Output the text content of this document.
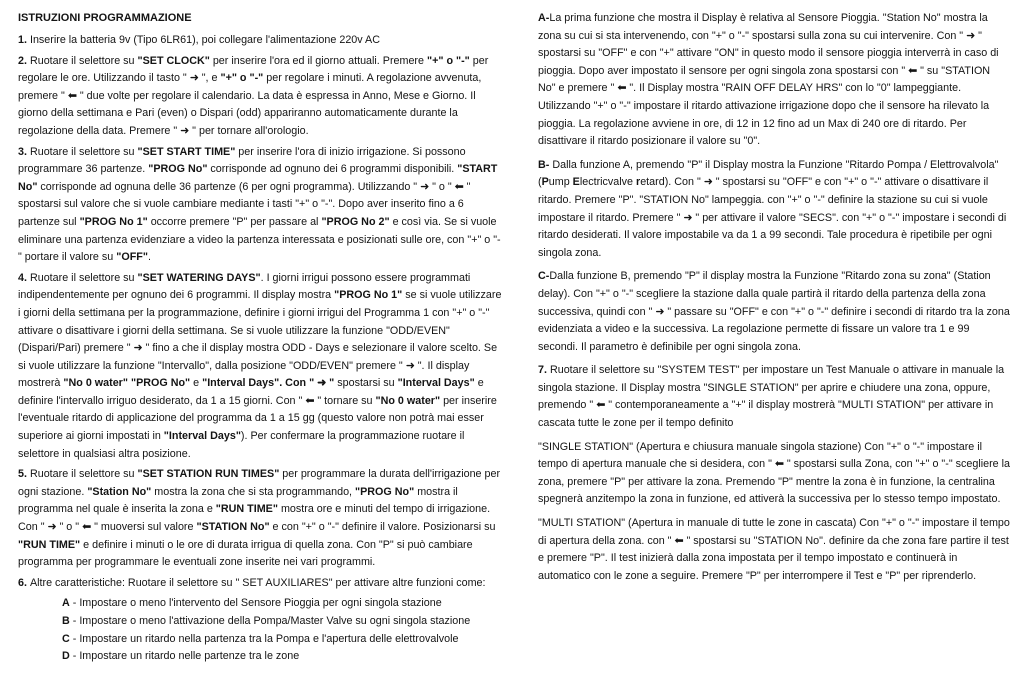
ISTRUZIONI PROGRAMMAZIONE

1. Inserire la batteria 9v (Tipo 6LR61), poi collegare l'alimentazione 220v AC

2. Ruotare il selettore su "SET CLOCK" per inserire l'ora ed il giorno attuali. Premere "+" o "-" per regolare le ore. Utilizzando il tasto " ➜ ", e "+" o "-" per regolare i minuti. A regolazione avvenuta, premere " ⬅ " due volte per regolare il calendario. La data è espressa in Anno, Mese e Giorno. Il giorno della settimana e Pari (even) o Dispari (odd) appariranno automaticamente durante la regolazione della data. Premere " ➜ " per tornare all'orologio.

3. Ruotare il selettore su "SET START TIME" per inserire l'ora di inizio irrigazione. Si possono programmare 36 partenze. "PROG No" corrisponde ad ognuno dei 6 programmi disponibili. "START No" corrisponde ad ognuna delle 36 partenze (6 per ogni programma). Utilizzando " ➜ " o " ⬅ " spostarsi sul valore che si vuole cambiare mediante i tasti "+" o "-". Dopo aver inserito fino a 6 partenze sul "PROG No 1" occorre premere "P" per passare al "PROG No 2" e così via. Se si vuole eliminare una partenza evidenziare a video la partenza interessata e posizionati sulle ore, con "+" o "-" portare il valore su "OFF".

4. Ruotare il selettore su "SET WATERING DAYS". I giorni irrigui possono essere programmati indipendentemente per ognuno dei 6 programmi. Il display mostra "PROG No 1" se si vuole utilizzare i giorni della settimana per la programmazione, definire i giorni irrigui del Programma 1 con "+" o "-" attivare o disattivare i giorni della settimana. Se si vuole utilizzare la funzione "ODD/EVEN" (Dispari/Pari) premere " ➜ " fino a che il display mostra ODD - Days e selezionare il valore scelto. Se si vuole utilizzare la funzione "Intervallo", dalla posizione "ODD/EVEN" premere " ➜ ". Il display mostrerà "No 0 water" "PROG No" e "Interval Days". Con " ➜ " spostarsi su "Interval Days" e definire l'intervallo irriguo desiderato, da 1 a 15 giorni. Con " ⬅ " tornare su "No 0 water" per inserire l'eventuale ritardo di applicazione del programma da 1 a 15 gg (questo valore non potrà mai esser superiore ai giorni impostati in "Interval Days"). Per confermare la programmazione ruotare il selettore in qualsiasi altra posizione.

5. Ruotare il selettore su "SET STATION RUN TIMES" per programmare la durata dell'irrigazione per ogni stazione. "Station No" mostra la zona che si sta programmando, "PROG No" mostra il programma nel quale è inserita la zona e "RUN TIME" mostra ore e minuti del tempo di irrigazione. Con " ➜ " o " ⬅ " muoversi sul valore "STATION No" e con "+" o "-" definire il valore. Posizionarsi su "RUN TIME" e definire i minuti o le ore di durata irrigua di quella zona. Con "P" si può cambiare programma per programmare le eventuali zone inserite nei vari programmi.

6. Altre caratteristiche: Ruotare il selettore su " SET AUXILIARES" per attivare altre funzioni come:

A - Impostare o meno l'intervento del Sensore Pioggia per ogni singola stazione
B - Impostare o meno l'attivazione della Pompa/Master Valve su ogni singola stazione
C - Impostare un ritardo nella partenza tra la Pompa e l'apertura delle elettrovalvole
D - Impostare un ritardo nelle partenze tra le zone

A-La prima funzione che mostra il Display è relativa al Sensore Pioggia. "Station No" mostra la zona su cui si sta intervenendo, con "+" o "-" spostarsi sulla zona su cui intervenire. Con " ➜ " spostarsi su "OFF" e con "+" attivare "ON" in questo modo il sensore pioggia interverrà in caso di pioggia. Dopo aver impostato il sensore per ogni singola zona spostarsi con " ⬅ " su "STATION No" e premere " ⬅ ". Il Display mostra "RAIN OFF DELAY HRS" con lo "0" lampeggiante. Utilizzando "+" o "-" impostare il ritardo attivazione irrigazione dopo che il sensore ha rilevato la pioggia. La regolazione avviene in ore, di 12 in 12 fino ad un Max di 240 ore di ritardo. Per disattivare il ritardo posizionare il valore su "0".

B- Dalla funzione A, premendo "P" il Display mostra la Funzione "Ritardo Pompa / Elettrovalvola" (Pump Electricvalve retard). Con " ➜ " spostarsi su "OFF" e con "+" o "-" attivare o disattivare il ritardo. Premere "P". "STATION No" lampeggia. con "+" o "-" definire la stazione su cui si vuole impostare il ritardo. Premere " ➜ " per attivare il valore "SECS". con "+" o "-" impostare i secondi di ritardo desiderati. Il valore impostabile va da 1 a 99 secondi. Tale procedura è ripetibile per ogni singola zona.

C-Dalla funzione B, premendo "P" il display mostra la Funzione "Ritardo zona su zona" (Station delay). Con "+" o "-" scegliere la stazione dalla quale partirà il ritardo della partenza della zona successiva, quindi con " ➜ " passare su "OFF" e con "+" o "-" definire i secondi di ritardo tra la zona evidenziata a video e la successiva. La regolazione permette di fissare un valore tra 1 e 99 secondi. Il parametro è definibile per ogni singola zona.

7. Ruotare il selettore su "SYSTEM TEST" per impostare un Test Manuale o attivare in manuale la singola stazione. Il Display mostra "SINGLE STATION" per aprire e chiudere una zona, oppure, premendo " ⬅ " contemporaneamente a "+" il display mostrerà "MULTI STATION" per attivare in cascata tutte le zone per il tempo definito

"SINGLE STATION" (Apertura e chiusura manuale singola stazione) Con "+" o "-" impostare il tempo di apertura manuale che si desidera, con " ⬅ " spostarsi sulla Zona, con "+" o "-" scegliere la zona, premere "P" per attivare la zona. Premendo "P" mentre la zona è in funzione, la centralina spegnerà anzitempo la zona in funzione, ed attiverà la successiva per lo stesso tempo impostato.

"MULTI STATION" (Apertura in manuale di tutte le zone in cascata) Con "+" o "-" impostare il tempo di apertura della zona. con " ⬅ " spostarsi su "STATION No". definire da che zona fare partire il test e premere "P". Il test inizierà dalla zona impostata per il tempo impostato e continuerà in automatico con le zone a seguire. Premere "P" per interrompere il Test e "P" per riprenderlo.
